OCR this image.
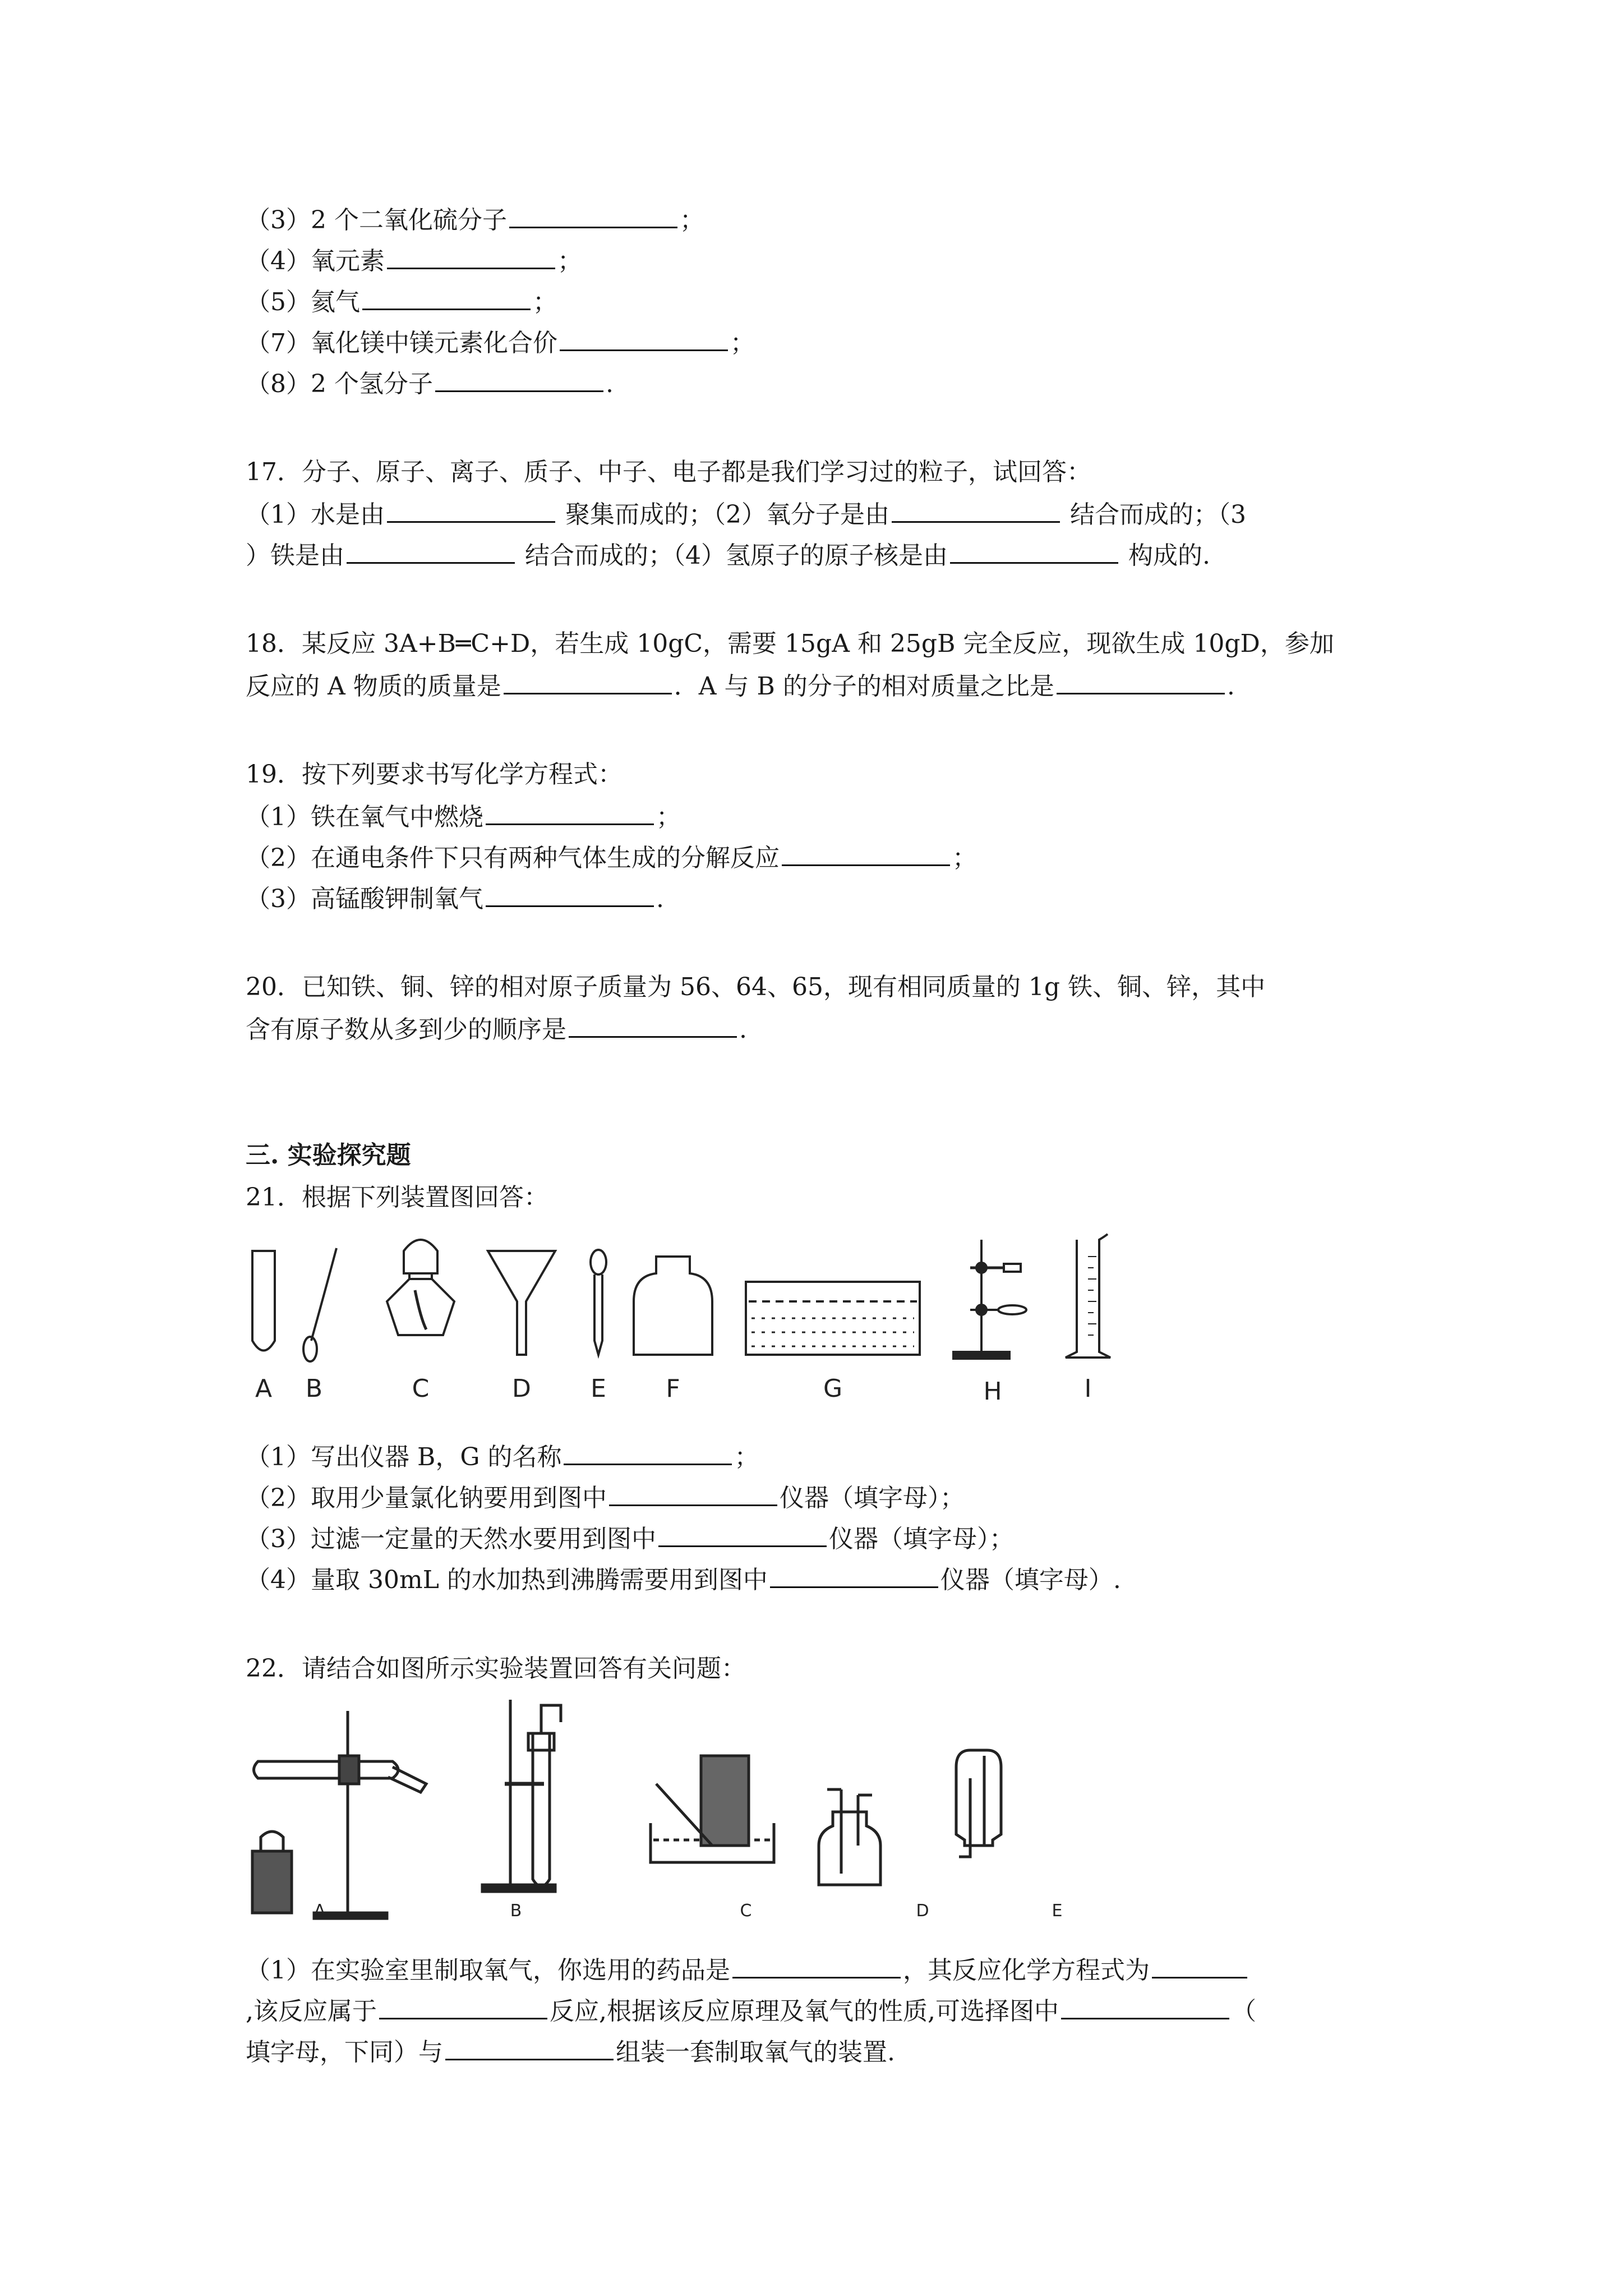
（3）2 个二氧化硫分子	；
（4）氧元素	；
（5）氦气	；
（7）氧化镁中镁元素化合价	；
（8）2 个氢分子	.
17．分子、原子、离子、质子、中子、电子都是我们学习过的粒子，试回答：
（1）水是由	聚集而成的；（2）氧分子是由	结合而成的；（3
）铁是由	结合而成的；（4）氢原子的原子核是由	构成的.
18．某反应 3A+B═C+D，若生成 10gC，需要 15gA 和 25gB 完全反应，现欲生成 10gD，参加
反应的 A 物质的质量是	．A 与 B 的分子的相对质量之比是	.
19．按下列要求书写化学方程式：
（1）铁在氧气中燃烧	；
（2）在通电条件下只有两种气体生成的分解反应	；
（3）高锰酸钾制氧气	.
20．已知铁、铜、锌的相对原子质量为 56、64、65，现有相同质量的 1g 铁、铜、锌，其中
含有原子数从多到少的顺序是	.
三. 实验探究题
21．根据下列装置图回答：
A B	C	D E F	G	H	I
（1）写出仪器 B，G 的名称	；
（2）取用少量氯化钠要用到图中	仪器（填字母）；
（3）过滤一定量的天然水要用到图中	仪器（填字母）；
（4）量取 30mL 的水加热到沸腾需要用到图中	仪器（填字母）.
22．请结合如图所示实验装置回答有关问题：
A	B	C	D	E
（1）在实验室里制取氧气，你选用的药品是	，其反应化学方程式为
,该反应属于	反应,根据该反应原理及氧气的性质,可选择图中	（
填字母，下同）与	组装一套制取氧气的装置.
